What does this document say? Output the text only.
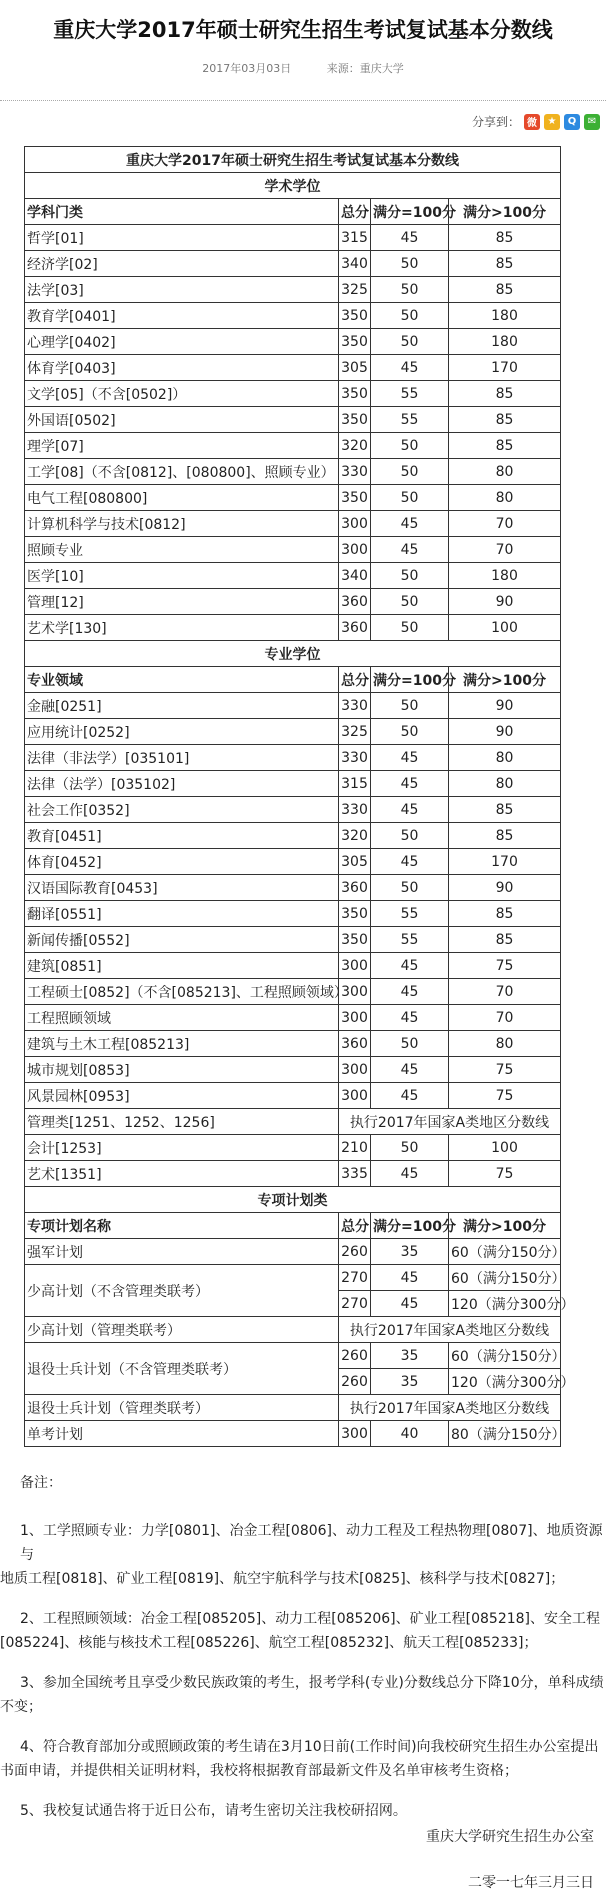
重庆大学2017年硕士研究生招生考试复试基本分数线
2017年03月03日	来源：重庆大学
分享到： 微	★	Q	✉
重庆大学2017年硕士研究生招生考试复试基本分数线			
学术学位			
学科门类	总分	满分=100分	满分>100分
哲学[01]	315	45	85
经济学[02]	340	50	85
法学[03]	325	50	85
教育学[0401]	350	50	180
心理学[0402]	350	50	180
体育学[0403]	305	45	170
文学[05]（不含[0502]）	350	55	85
外国语[0502]	350	55	85
理学[07]	320	50	85
工学[08]（不含[0812]、[080800]、照顾专业）	330	50	80
电气工程[080800]	350	50	80
计算机科学与技术[0812]	300	45	70
照顾专业	300	45	70
医学[10]	340	50	180
管理[12]	360	50	90
艺术学[130]	360	50	100
专业学位			
专业领域	总分	满分=100分	满分>100分
金融[0251]	330	50	90
应用统计[0252]	325	50	90
法律（非法学）[035101]	330	45	80
法律（法学）[035102]	315	45	80
社会工作[0352]	330	45	85
教育[0451]	320	50	85
体育[0452]	305	45	170
汉语国际教育[0453]	360	50	90
翻译[0551]	350	55	85
新闻传播[0552]	350	55	85
建筑[0851]	300	45	75
工程硕士[0852]（不含[085213]、工程照顾领域）	300	45	70
工程照顾领域	300	45	70
建筑与土木工程[085213]	360	50	80
城市规划[0853]	300	45	75
风景园林[0953]	300	45	75
管理类[1251、1252、1256]	执行2017年国家A类地区分数线		
会计[1253]	210	50	100
艺术[1351]	335	45	75
专项计划类			
专项计划名称	总分	满分=100分	满分>100分
强军计划	260	35	60（满分150分）
少高计划（不含管理类联考）	270	45	60（满分150分）
	270	45	120（满分300分）
少高计划（管理类联考）	执行2017年国家A类地区分数线		
退役士兵计划（不含管理类联考）	260	35	60（满分150分）
	260	35	120（满分300分）
退役士兵计划（管理类联考）	执行2017年国家A类地区分数线		
单考计划	300	40	80（满分150分）

备注：

1、工学照顾专业：力学[0801]、冶金工程[0806]、动力工程及工程热物理[0807]、地质资源与

地质工程[0818]、矿业工程[0819]、航空宇航科学与技术[0825]、核科学与技术[0827]；

2、工程照顾领域：冶金工程[085205]、动力工程[085206]、矿业工程[085218]、安全工程

[085224]、核能与核技术工程[085226]、航空工程[085232]、航天工程[085233]；

3、参加全国统考且享受少数民族政策的考生，报考学科(专业)分数线总分下降10分，单科成绩

不变；

4、符合教育部加分或照顾政策的考生请在3月10日前(工作时间)向我校研究生招生办公室提出

书面申请，并提供相关证明材料，我校将根据教育部最新文件及名单审核考生资格；

5、我校复试通告将于近日公布，请考生密切关注我校研招网。

重庆大学研究生招生办公室
二零一七年三月三日
